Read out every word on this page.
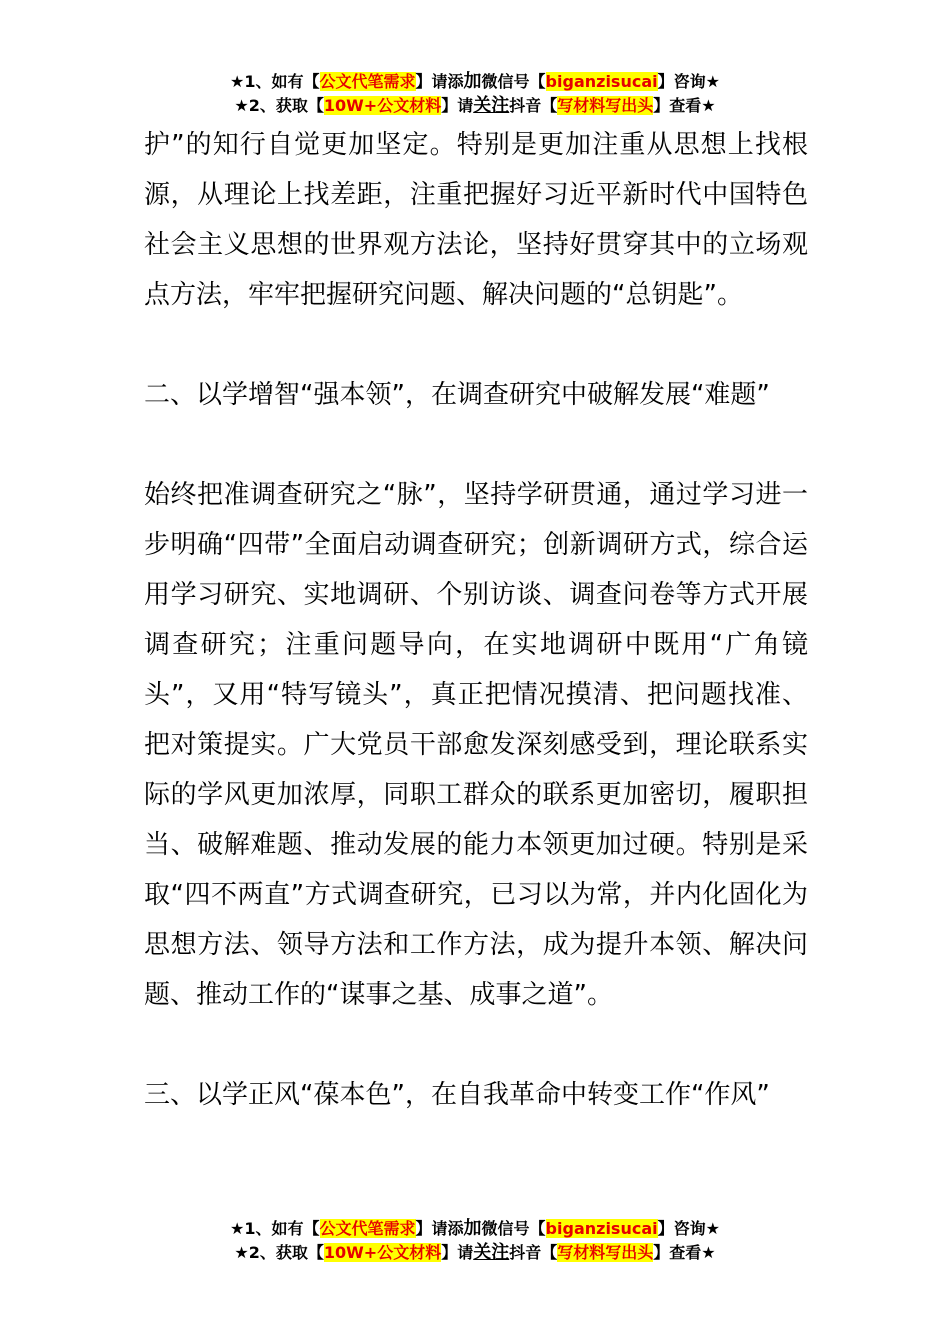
★1、如有【公文代笔需求】请添加微信号【biganzisucai】咨询★
★2、获取【10W+公文材料】请关注抖音【写材料写出头】查看★

护”的知行自觉更加坚定。特别是更加注重从思想上找根源，从理论上找差距，注重把握好习近平新时代中国特色社会主义思想的世界观方法论，坚持好贯穿其中的立场观点方法，牢牢把握研究问题、解决问题的“总钥匙”。

二、以学增智“强本领”，在调查研究中破解发展“难题”

始终把准调查研究之“脉”，坚持学研贯通，通过学习进一步明确“四带”全面启动调查研究；创新调研方式，综合运用学习研究、实地调研、个别访谈、调查问卷等方式开展调查研究；注重问题导向，在实地调研中既用“广角镜头”，又用“特写镜头”，真正把情况摸清、把问题找准、把对策提实。广大党员干部愈发深刻感受到，理论联系实际的学风更加浓厚，同职工群众的联系更加密切，履职担当、破解难题、推动发展的能力本领更加过硬。特别是采取“四不两直”方式调查研究，已习以为常，并内化固化为思想方法、领导方法和工作方法，成为提升本领、解决问题、推动工作的“谋事之基、成事之道”。

三、以学正风“葆本色”，在自我革命中转变工作“作风”

★1、如有【公文代笔需求】请添加微信号【biganzisucai】咨询★
★2、获取【10W+公文材料】请关注抖音【写材料写出头】查看★
